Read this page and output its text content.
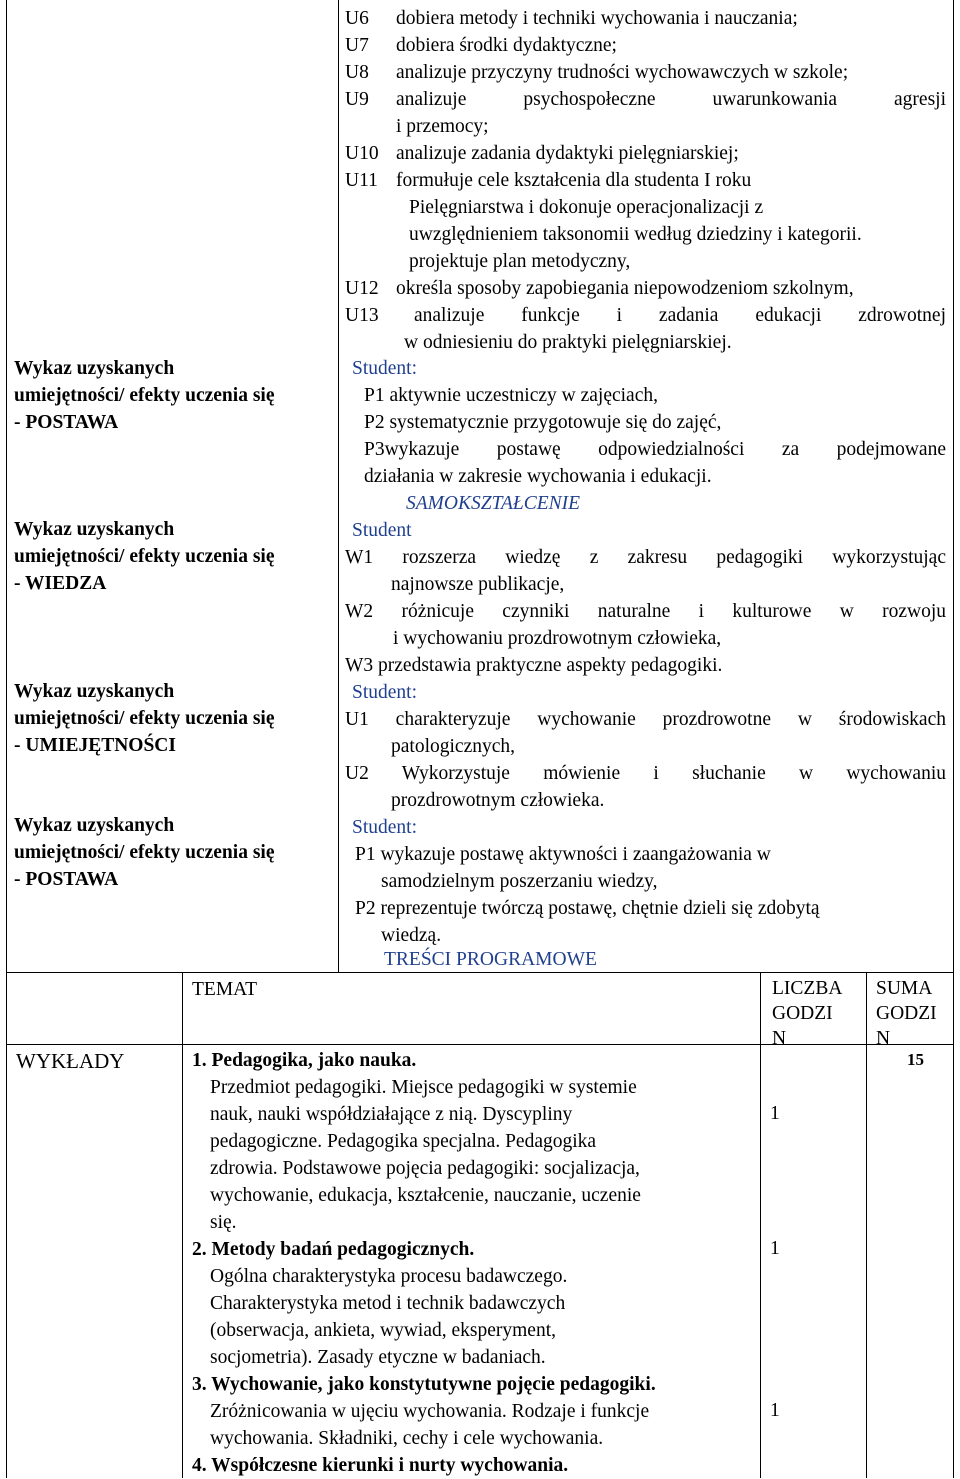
U6 dobiera metody i techniki wychowania i nauczania;
U7 dobiera środki dydaktyczne;
U8 analizuje przyczyny trudności wychowawczych w szkole;
U9 analizuje psychospołeczne uwarunkowania agresji
i przemocy;
U10 analizuje zadania dydaktyki pielęgniarskiej;
U11 formułuje cele kształcenia dla studenta I roku
Pielęgniarstwa i dokonuje operacjonalizacji z
uwzględnieniem taksonomii według dziedziny i kategorii.
projektuje plan metodyczny,
U12 określa sposoby zapobiegania niepowodzeniom szkolnym,
U13 analizuje funkcje i zadania edukacji zdrowotnej
w odniesieniu do praktyki pielęgniarskiej.
Wykaz uzyskanych
umiejętności/ efekty uczenia się
- POSTAWA
Wykaz uzyskanych
umiejętności/ efekty uczenia się
- WIEDZA
Wykaz uzyskanych
umiejętności/ efekty uczenia się
- UMIEJĘTNOŚCI
Wykaz uzyskanych
umiejętności/ efekty uczenia się
- POSTAWA
Student:
P1 aktywnie uczestniczy w zajęciach,
P2 systematycznie przygotowuje się do zajęć,
P3wykazuje postawę odpowiedzialności za podejmowane
działania w zakresie wychowania i edukacji.
SAMOKSZTAŁCENIE
Student
W1 rozszerza wiedzę z zakresu pedagogiki wykorzystując
najnowsze publikacje,
W2 różnicuje czynniki naturalne i kulturowe w rozwoju
i wychowaniu prozdrowotnym człowieka,
W3 przedstawia praktyczne aspekty pedagogiki.
Student:
U1 charakteryzuje wychowanie prozdrowotne w środowiskach
patologicznych,
U2 Wykorzystuje mówienie i słuchanie w wychowaniu
prozdrowotnym człowieka.
Student:
P1 wykazuje postawę aktywności i zaangażowania w
samodzielnym poszerzaniu wiedzy,
P2 reprezentuje twórczą postawę, chętnie dzieli się zdobytą
wiedzą.
TREŚCI PROGRAMOWE
TEMAT	LICZBA
GODZI
N
SUMA
GODZI
N
WYKŁADY	15
1. Pedagogika, jako nauka.
Przedmiot pedagogiki. Miejsce pedagogiki w systemie
nauk, nauki współdziałające z nią. Dyscypliny
pedagogiczne. Pedagogika specjalna. Pedagogika
zdrowia. Podstawowe pojęcia pedagogiki: socjalizacja,
wychowanie, edukacja, kształcenie, nauczanie, uczenie
się.
2. Metody badań pedagogicznych.
Ogólna charakterystyka procesu badawczego.
Charakterystyka metod i technik badawczych
(obserwacja, ankieta, wywiad, eksperyment,
socjometria). Zasady etyczne w badaniach.
3. Wychowanie, jako konstytutywne pojęcie pedagogiki.
Zróżnicowania w ujęciu wychowania. Rodzaje i funkcje
wychowania. Składniki, cechy i cele wychowania.
4. Współczesne kierunki i nurty wychowania.
1
1
1
